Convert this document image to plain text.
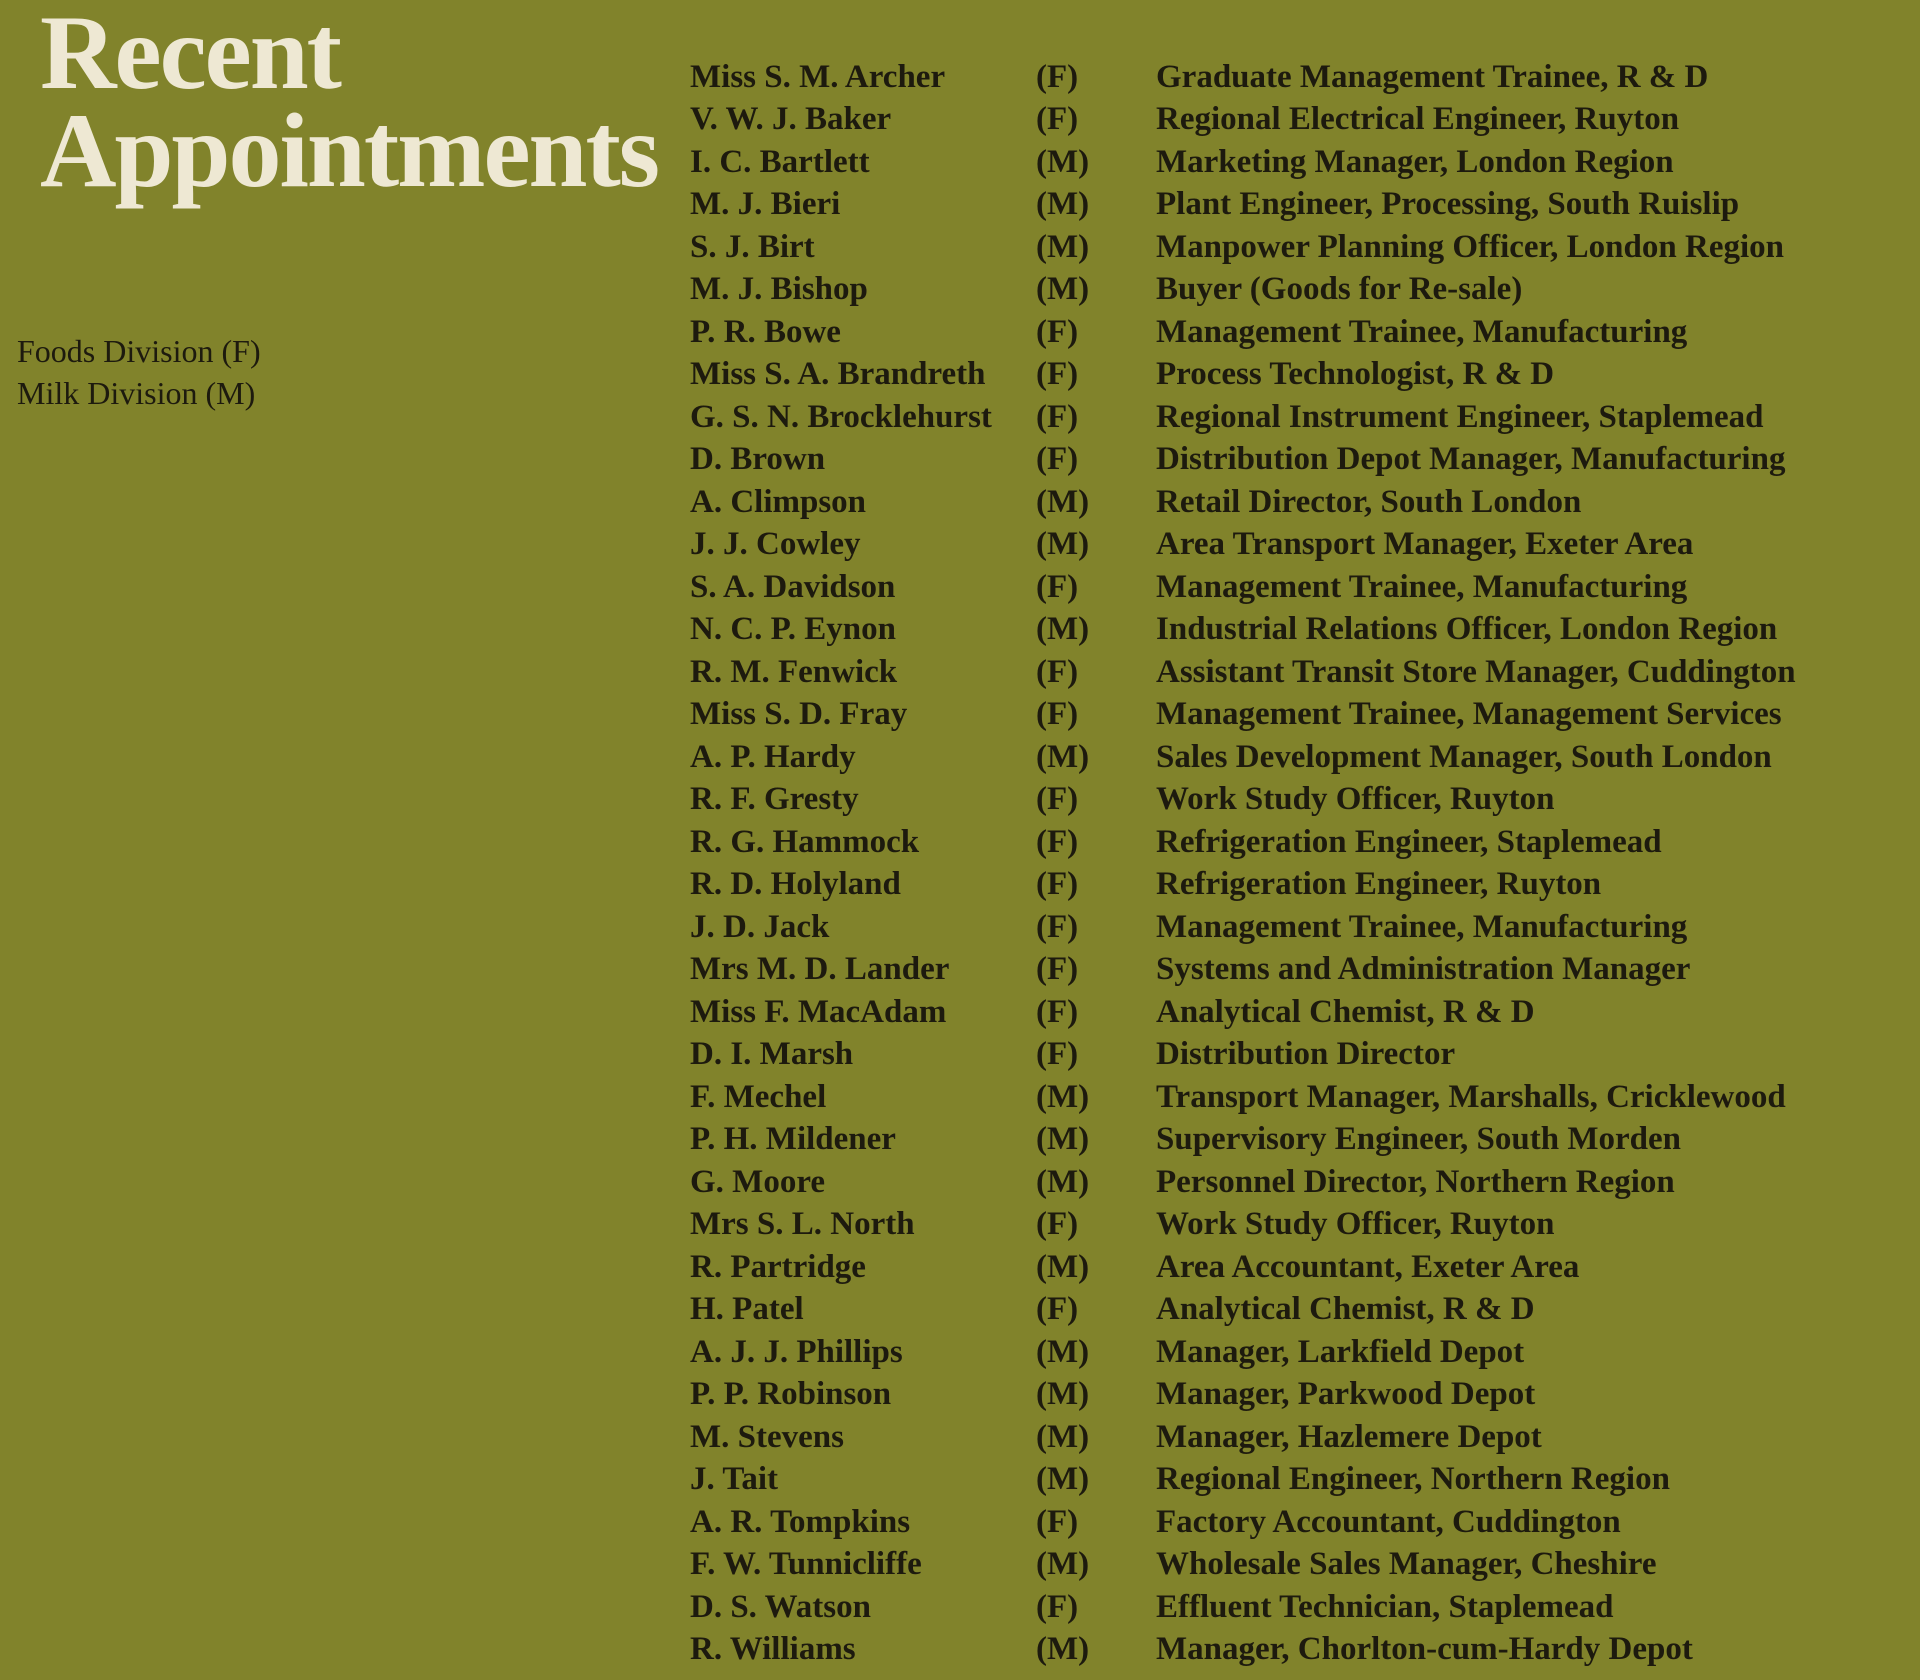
Recent
Appointments
Foods Division (F)
Milk Division (M)
Miss S. M. Archer	(F)	Graduate Management Trainee, R & D
V. W. J. Baker	(F)	Regional Electrical Engineer, Ruyton
I. C. Bartlett	(M)	Marketing Manager, London Region
M. J. Bieri	(M)	Plant Engineer, Processing, South Ruislip
S. J. Birt	(M)	Manpower Planning Officer, London Region
M. J. Bishop	(M)	Buyer (Goods for Re-sale)
P. R. Bowe	(F)	Management Trainee, Manufacturing
Miss S. A. Brandreth	(F)	Process Technologist, R & D
G. S. N. Brocklehurst	(F)	Regional Instrument Engineer, Staplemead
D. Brown	(F)	Distribution Depot Manager, Manufacturing
A. Climpson	(M)	Retail Director, South London
J. J. Cowley	(M)	Area Transport Manager, Exeter Area
S. A. Davidson	(F)	Management Trainee, Manufacturing
N. C. P. Eynon	(M)	Industrial Relations Officer, London Region
R. M. Fenwick	(F)	Assistant Transit Store Manager, Cuddington
Miss S. D. Fray	(F)	Management Trainee, Management Services
A. P. Hardy	(M)	Sales Development Manager, South London
R. F. Gresty	(F)	Work Study Officer, Ruyton
R. G. Hammock	(F)	Refrigeration Engineer, Staplemead
R. D. Holyland	(F)	Refrigeration Engineer, Ruyton
J. D. Jack	(F)	Management Trainee, Manufacturing
Mrs M. D. Lander	(F)	Systems and Administration Manager
Miss F. MacAdam	(F)	Analytical Chemist, R & D
D. I. Marsh	(F)	Distribution Director
F. Mechel	(M)	Transport Manager, Marshalls, Cricklewood
P. H. Mildener	(M)	Supervisory Engineer, South Morden
G. Moore	(M)	Personnel Director, Northern Region
Mrs S. L. North	(F)	Work Study Officer, Ruyton
R. Partridge	(M)	Area Accountant, Exeter Area
H. Patel	(F)	Analytical Chemist, R & D
A. J. J. Phillips	(M)	Manager, Larkfield Depot
P. P. Robinson	(M)	Manager, Parkwood Depot
M. Stevens	(M)	Manager, Hazlemere Depot
J. Tait	(M)	Regional Engineer, Northern Region
A. R. Tompkins	(F)	Factory Accountant, Cuddington
F. W. Tunnicliffe	(M)	Wholesale Sales Manager, Cheshire
D. S. Watson	(F)	Effluent Technician, Staplemead
R. Williams	(M)	Manager, Chorlton-cum-Hardy Depot
